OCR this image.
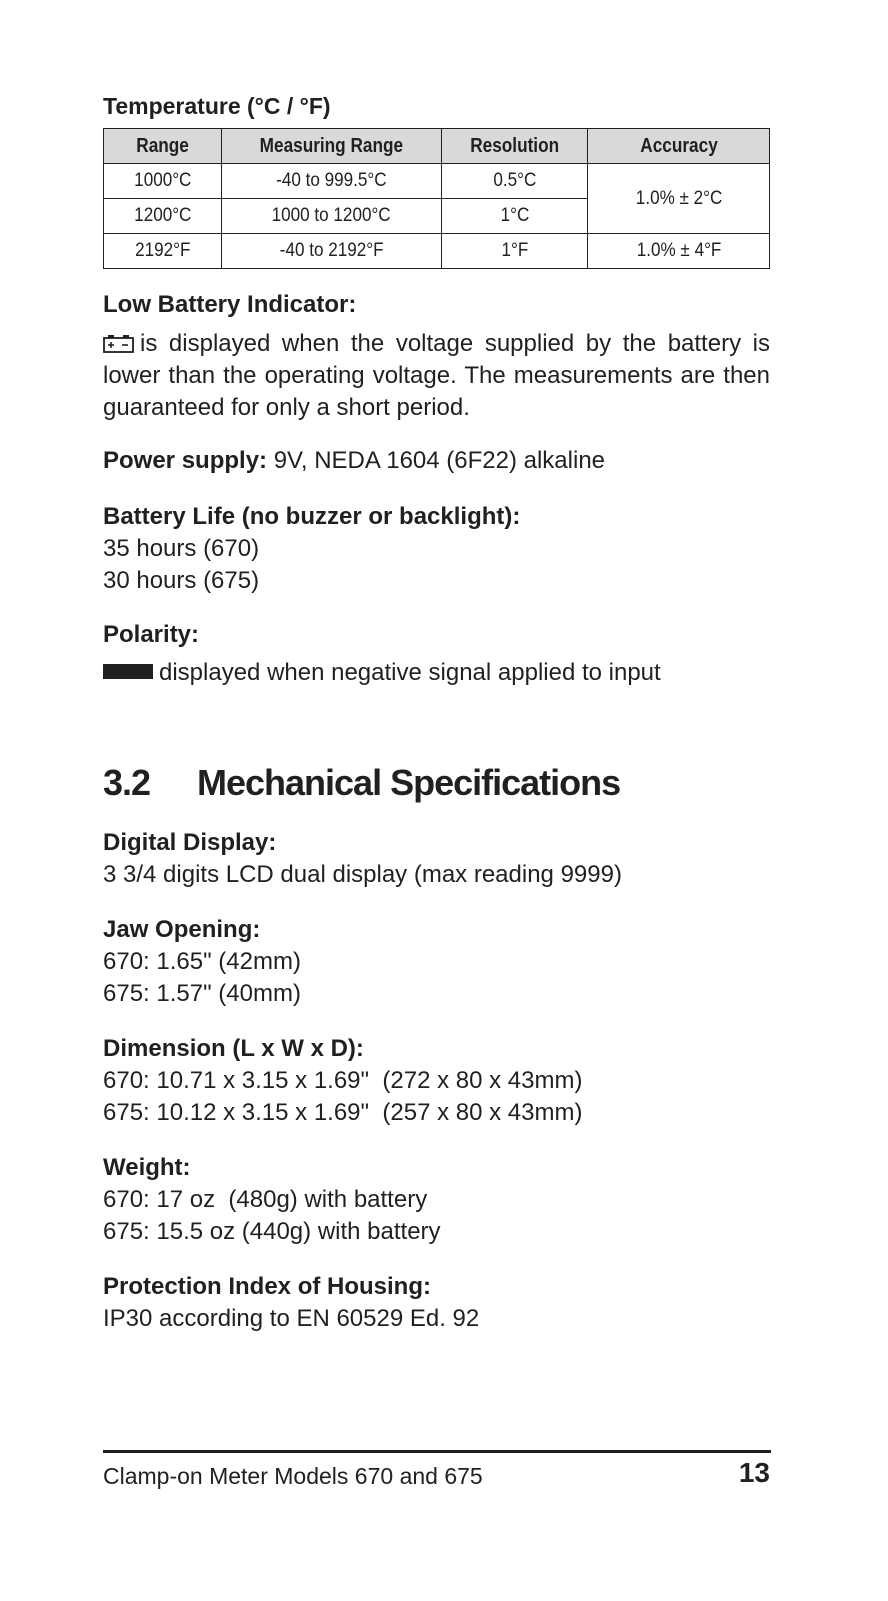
Temperature (°C / °F)
Range	Measuring Range	Resolution	Accuracy
1000°C	-40 to 999.5°C	0.5°C	1.0% ± 2°C
1200°C	1000 to 1200°C	1°C	
2192°F	-40 to 2192°F	1°F	1.0% ± 4°F
Low Battery Indicator:
is displayed when the voltage supplied by the battery is lower than the operating voltage. The measurements are then guaranteed for only a short period.
Power supply: 9V, NEDA 1604 (6F22) alkaline
Battery Life (no buzzer or backlight):
35 hours (670)
30 hours (675)
Polarity:
displayed when negative signal applied to input
3.2 Mechanical Specifications
Digital Display:
3 3/4 digits LCD dual display (max reading 9999)
Jaw Opening:
670: 1.65" (42mm)
675: 1.57" (40mm)
Dimension (L x W x D):
670: 10.71 x 3.15 x 1.69"  (272 x 80 x 43mm)
675: 10.12 x 3.15 x 1.69"  (257 x 80 x 43mm)
Weight:
670: 17 oz  (480g) with battery
675: 15.5 oz (440g) with battery
Protection Index of Housing:
IP30 according to EN 60529 Ed. 92
Clamp-on Meter Models 670 and 675	13
